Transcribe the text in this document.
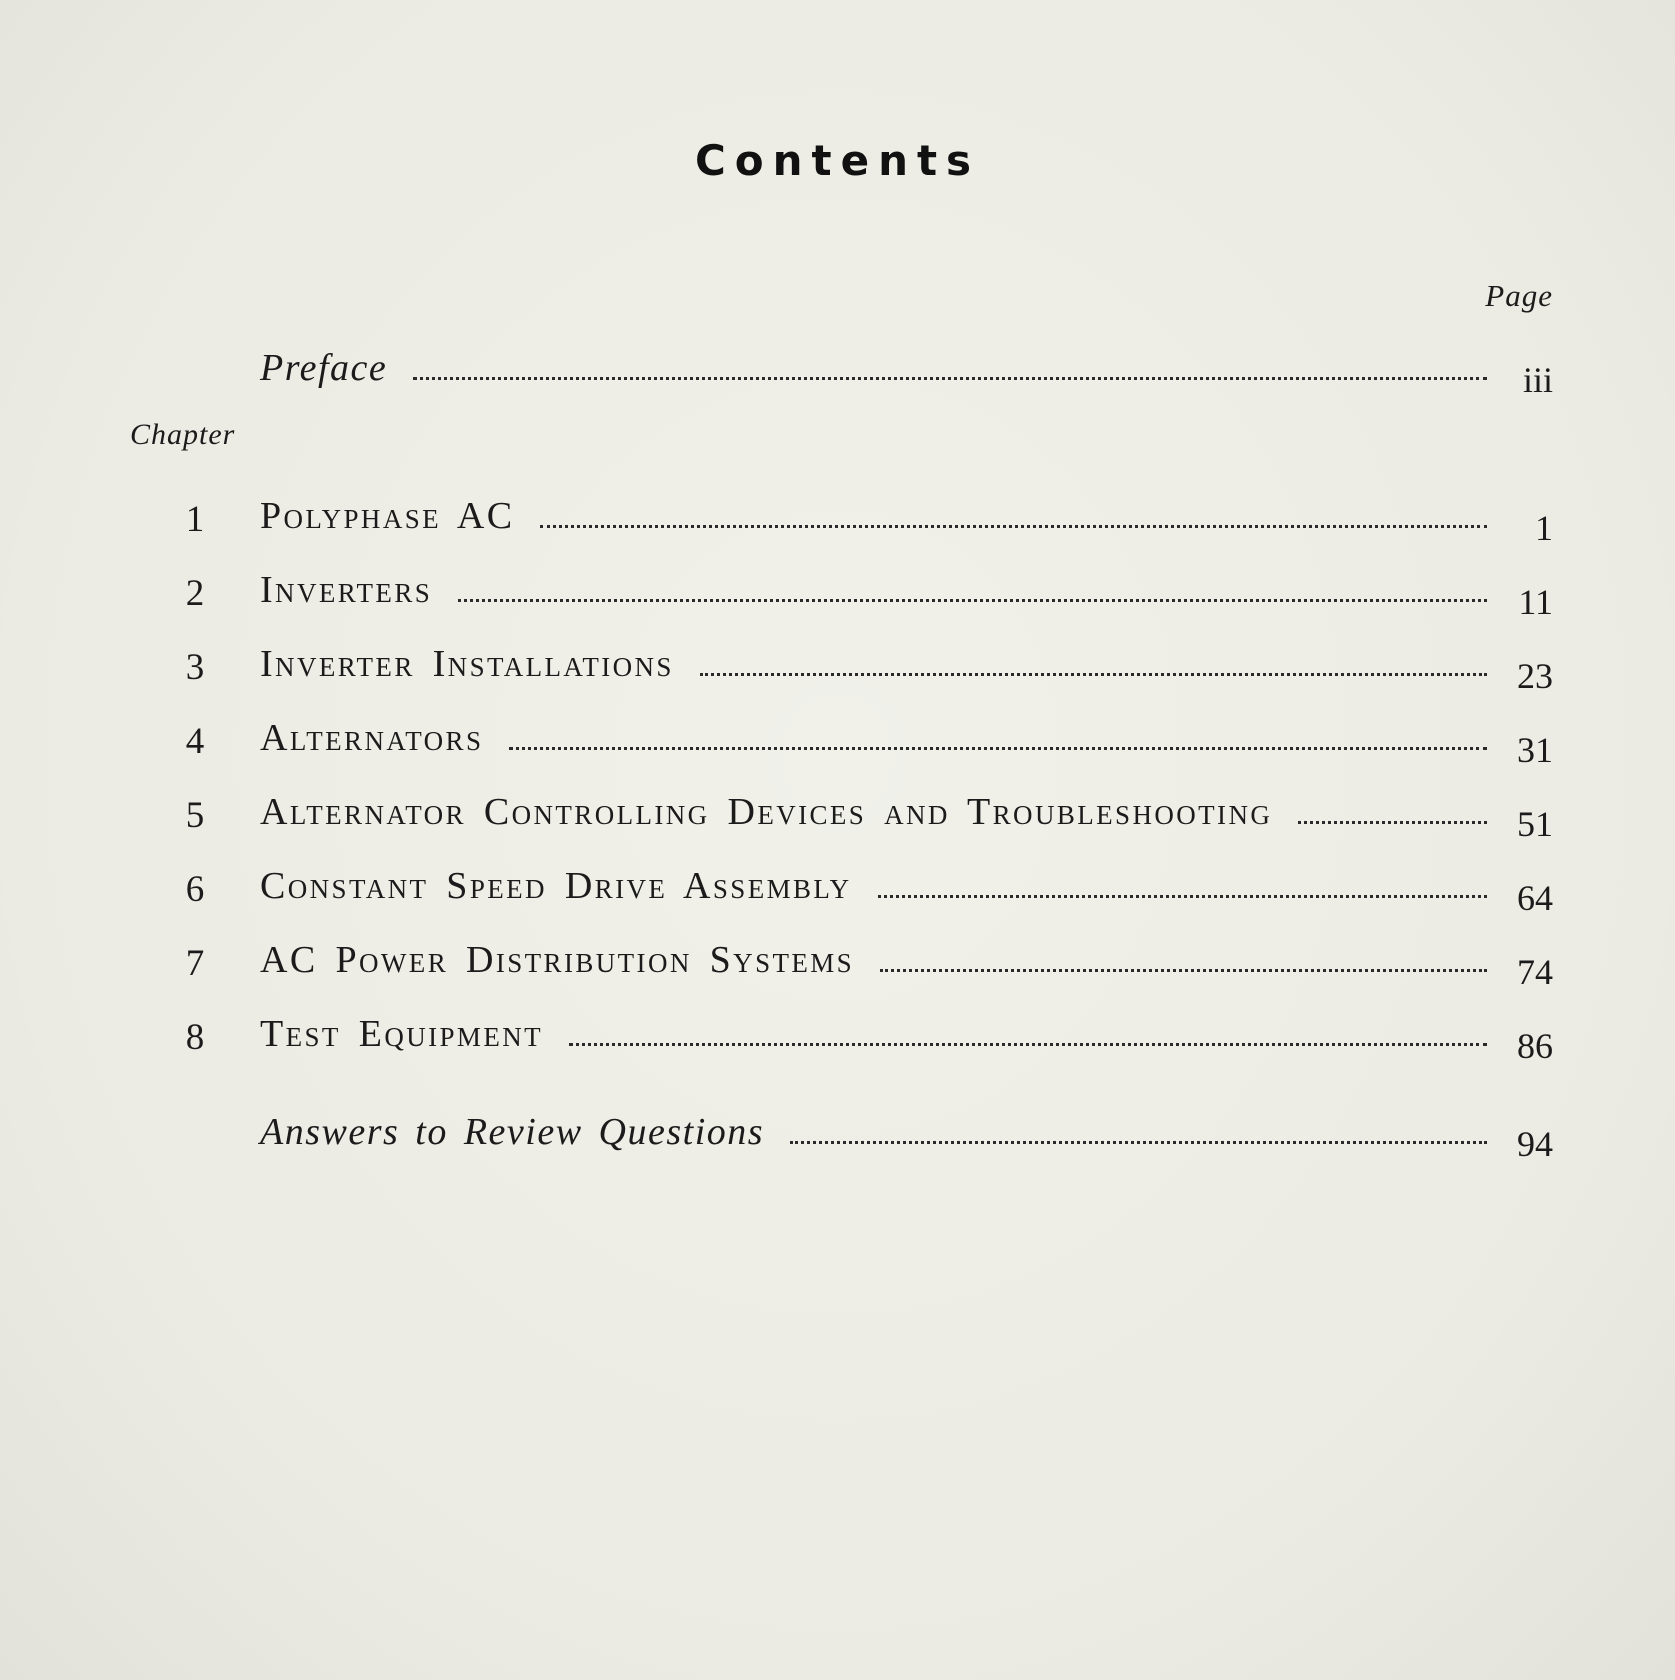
Contents
Page
Preface	iii
Chapter
1	Polyphase AC	1
2	Inverters	11
3	Inverter Installations	23
4	Alternators	31
5	Alternator Controlling Devices and Troubleshooting	51
6	Constant Speed Drive Assembly	64
7	AC Power Distribution Systems	74
8	Test Equipment	86
Answers to Review Questions	94
